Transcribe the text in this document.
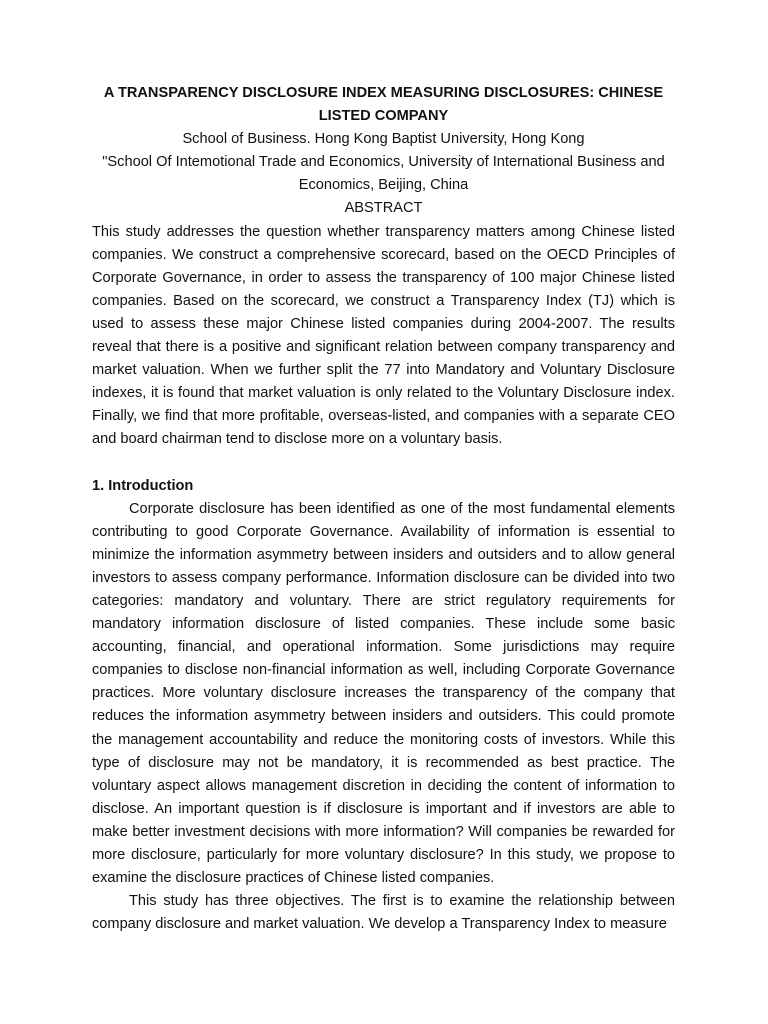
A TRANSPARENCY DISCLOSURE INDEX MEASURING DISCLOSURES: CHINESE LISTED COMPANY

School of Business. Hong Kong Baptist University, Hong Kong

"School Of Intemotional Trade and Economics, University of International Business and Economics, Beijing, China

ABSTRACT

This study addresses the question whether transparency matters among Chinese listed companies. We construct a comprehensive scorecard, based on the OECD Principles of Corporate Governance, in order to assess the transparency of 100 major Chinese listed companies. Based on the scorecard, we construct a Transparency Index (TJ) which is used to assess these major Chinese listed companies during 2004-2007. The results reveal that there is a positive and significant relation between company transparency and market valuation. When we further split the 77 into Mandatory and Voluntary Disclosure indexes, it is found that market valuation is only related to the Voluntary Disclosure index. Finally, we find that more profitable, overseas-listed, and companies with a separate CEO and board chairman tend to disclose more on a voluntary basis.

1. Introduction

Corporate disclosure has been identified as one of the most fundamental elements contributing to good Corporate Governance. Availability of information is essential to minimize the information asymmetry between insiders and outsiders and to allow general investors to assess company performance. Information disclosure can be divided into two categories: mandatory and voluntary. There are strict regulatory requirements for mandatory information disclosure of listed companies. These include some basic accounting, financial, and operational information. Some jurisdictions may require companies to disclose non-financial information as well, including Corporate Governance practices. More voluntary disclosure increases the transparency of the company that reduces the information asymmetry between insiders and outsiders. This could promote the management accountability and reduce the monitoring costs of investors. While this type of disclosure may not be mandatory, it is recommended as best practice. The voluntary aspect allows management discretion in deciding the content of information to disclose. An important question is if disclosure is important and if investors are able to make better investment decisions with more information? Will companies be rewarded for more disclosure, particularly for more voluntary disclosure? In this study, we propose to examine the disclosure practices of Chinese listed companies.

This study has three objectives. The first is to examine the relationship between company disclosure and market valuation. We develop a Transparency Index to measure
